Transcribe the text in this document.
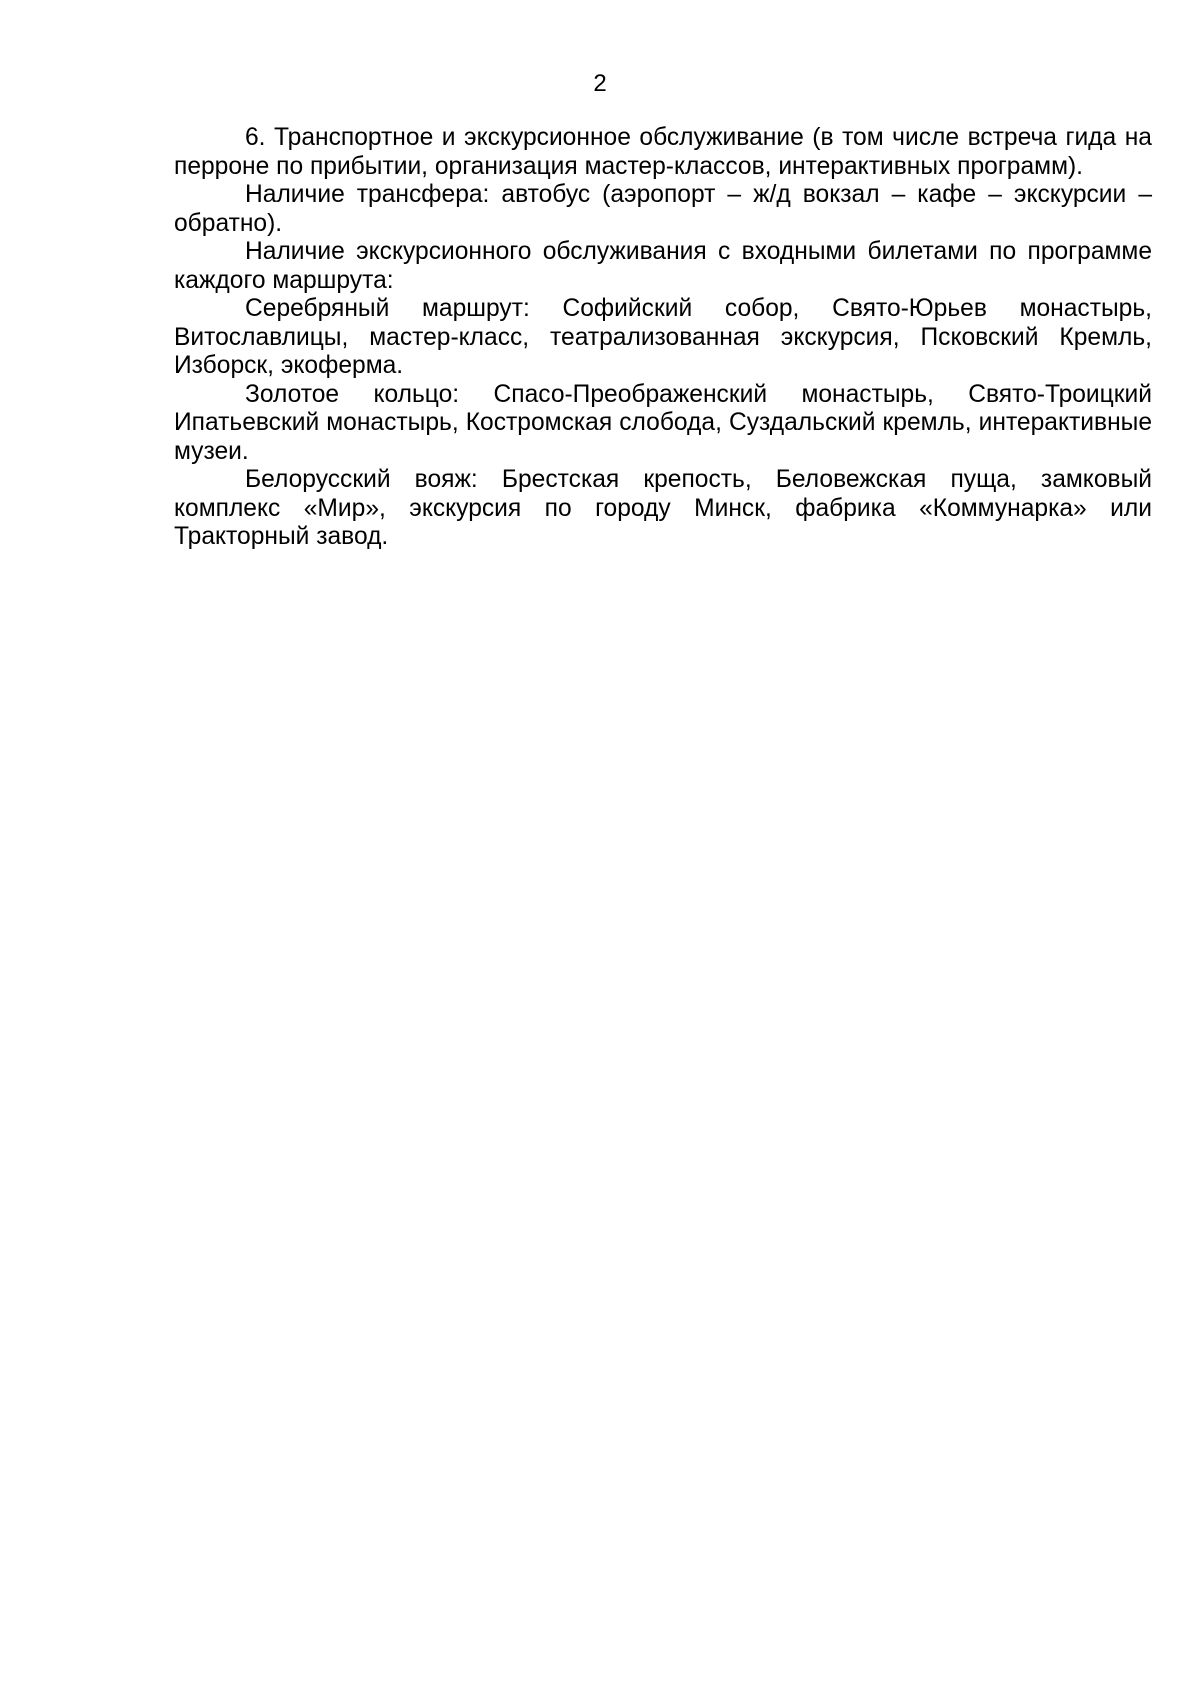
2

6. Транспортное и экскурсионное обслуживание (в том числе встреча гида на перроне по прибытии, организация мастер-классов, интерактивных программ).

Наличие трансфера: автобус (аэропорт – ж/д вокзал – кафе – экскурсии – обратно).

Наличие экскурсионного обслуживания с входными билетами по программе каждого маршрута:

Серебряный маршрут: Софийский собор, Свято-Юрьев монастырь, Витославлицы, мастер-класс, театрализованная экскурсия, Псковский Кремль, Изборск, экоферма.

Золотое кольцо: Спасо-Преображенский монастырь, Свято-Троицкий Ипатьевский монастырь, Костромская слобода, Суздальский кремль, интерактивные музеи.

Белорусский вояж: Брестская крепость, Беловежская пуща, замковый комплекс «Мир», экскурсия по городу Минск, фабрика «Коммунарка» или Тракторный завод.
